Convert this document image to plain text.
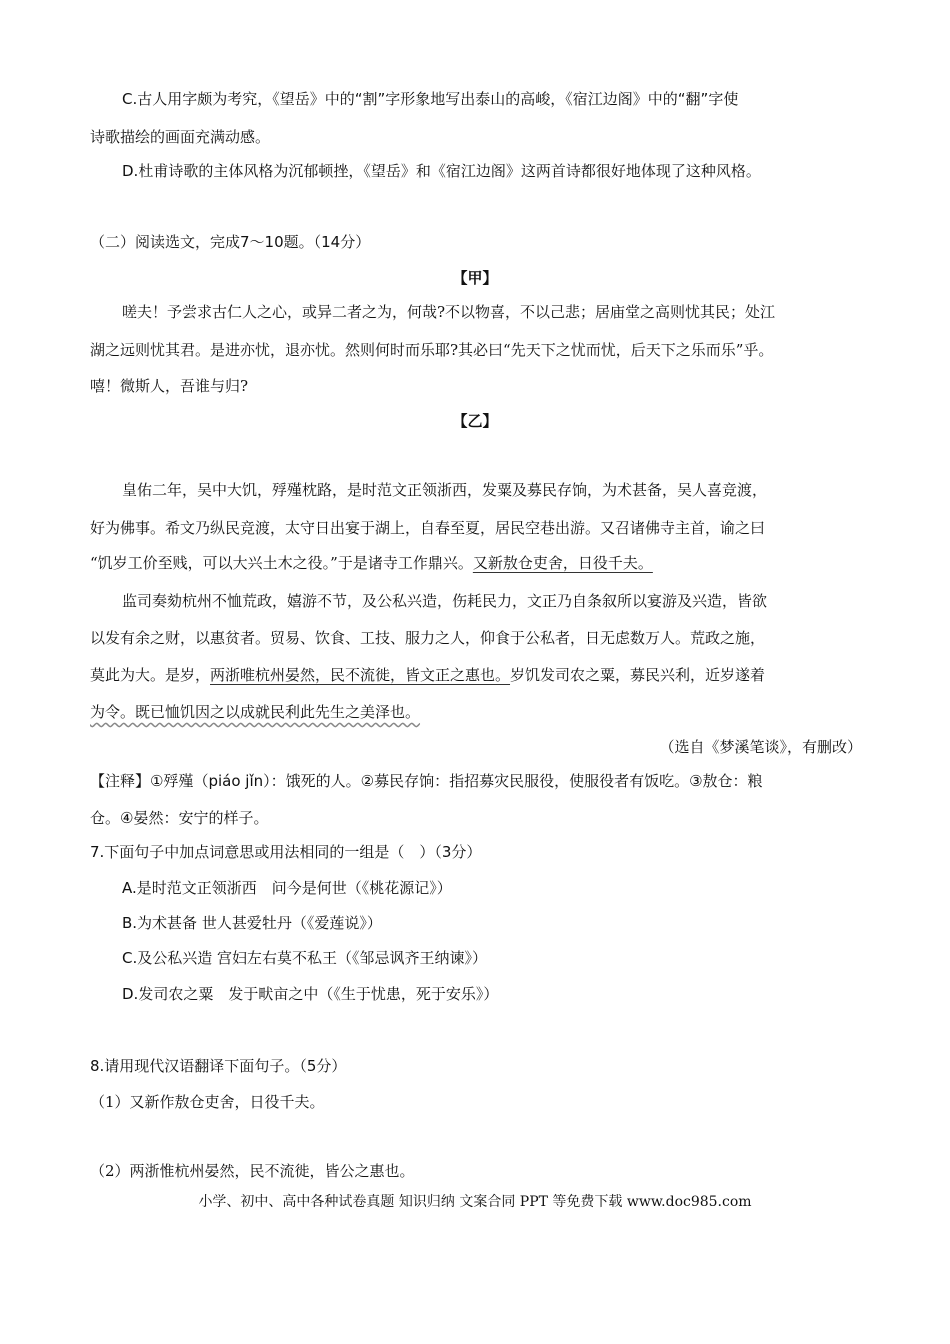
C.古人用字颇为考究，《望岳》中的“割”字形象地写出泰山的高峻，《宿江边阁》中的“翻”字使
诗歌描绘的画面充满动感。
D.杜甫诗歌的主体风格为沉郁顿挫，《望岳》和《宿江边阁》这两首诗都很好地体现了这种风格。
（二）阅读选文，完成7～10题。（14分）
【甲】
嗟夫！予尝求古仁人之心，或异二者之为，何哉?不以物喜，不以己悲；居庙堂之高则忧其民；处江
湖之远则忧其君。是进亦忧，退亦忧。然则何时而乐耶?其必曰“先天下之忧而忧，后天下之乐而乐”乎。
嘻！微斯人，吾谁与归?
【乙】
皇佑二年，吴中大饥，殍殣枕路，是时范文正领浙西，发粟及募民存饷，为术甚备，吴人喜竞渡，
好为佛事。希文乃纵民竞渡，太守日出宴于湖上，自春至夏，居民空巷出游。又召诸佛寺主首，谕之曰
“饥岁工价至贱，可以大兴土木之役。”于是诸寺工作鼎兴。又新敖仓吏舍，日役千夫。
监司奏劾杭州不恤荒政，嬉游不节，及公私兴造，伤耗民力，文正乃自条叙所以宴游及兴造，皆欲
以发有余之财，以惠贫者。贸易、饮食、工技、服力之人，仰食于公私者，日无虑数万人。荒政之施，
莫此为大。是岁，两浙唯杭州晏然，民不流徙，皆文正之惠也。岁饥发司农之粟，募民兴利，近岁遂着
为令。既已恤饥因之以成就民利此先生之美泽也。
（选自《梦溪笔谈》，有删改）
【注释】①殍殣（piáo jǐn）：饿死的人。②募民存饷：指招募灾民服役，使服役者有饭吃。③敖仓：粮
仓。④晏然：安宁的样子。
7.下面句子中加点词意思或用法相同的一组是（　）（3分）
A.是时范文正领浙西　问今是何世（《桃花源记》）
B.为术甚备 世人甚爱牡丹（《爱莲说》）
C.及公私兴造 宫妇左右莫不私王（《邹忌讽齐王纳谏》）
D.发司农之粟　发于畎亩之中（《生于忧患，死于安乐》）
8.请用现代汉语翻译下面句子。（5分）
（1）又新作敖仓吏舍，日役千夫。
（2）两浙惟杭州晏然，民不流徙，皆公之惠也。
小学、初中、高中各种试卷真题 知识归纳 文案合同 PPT 等免费下载 www.doc985.com
